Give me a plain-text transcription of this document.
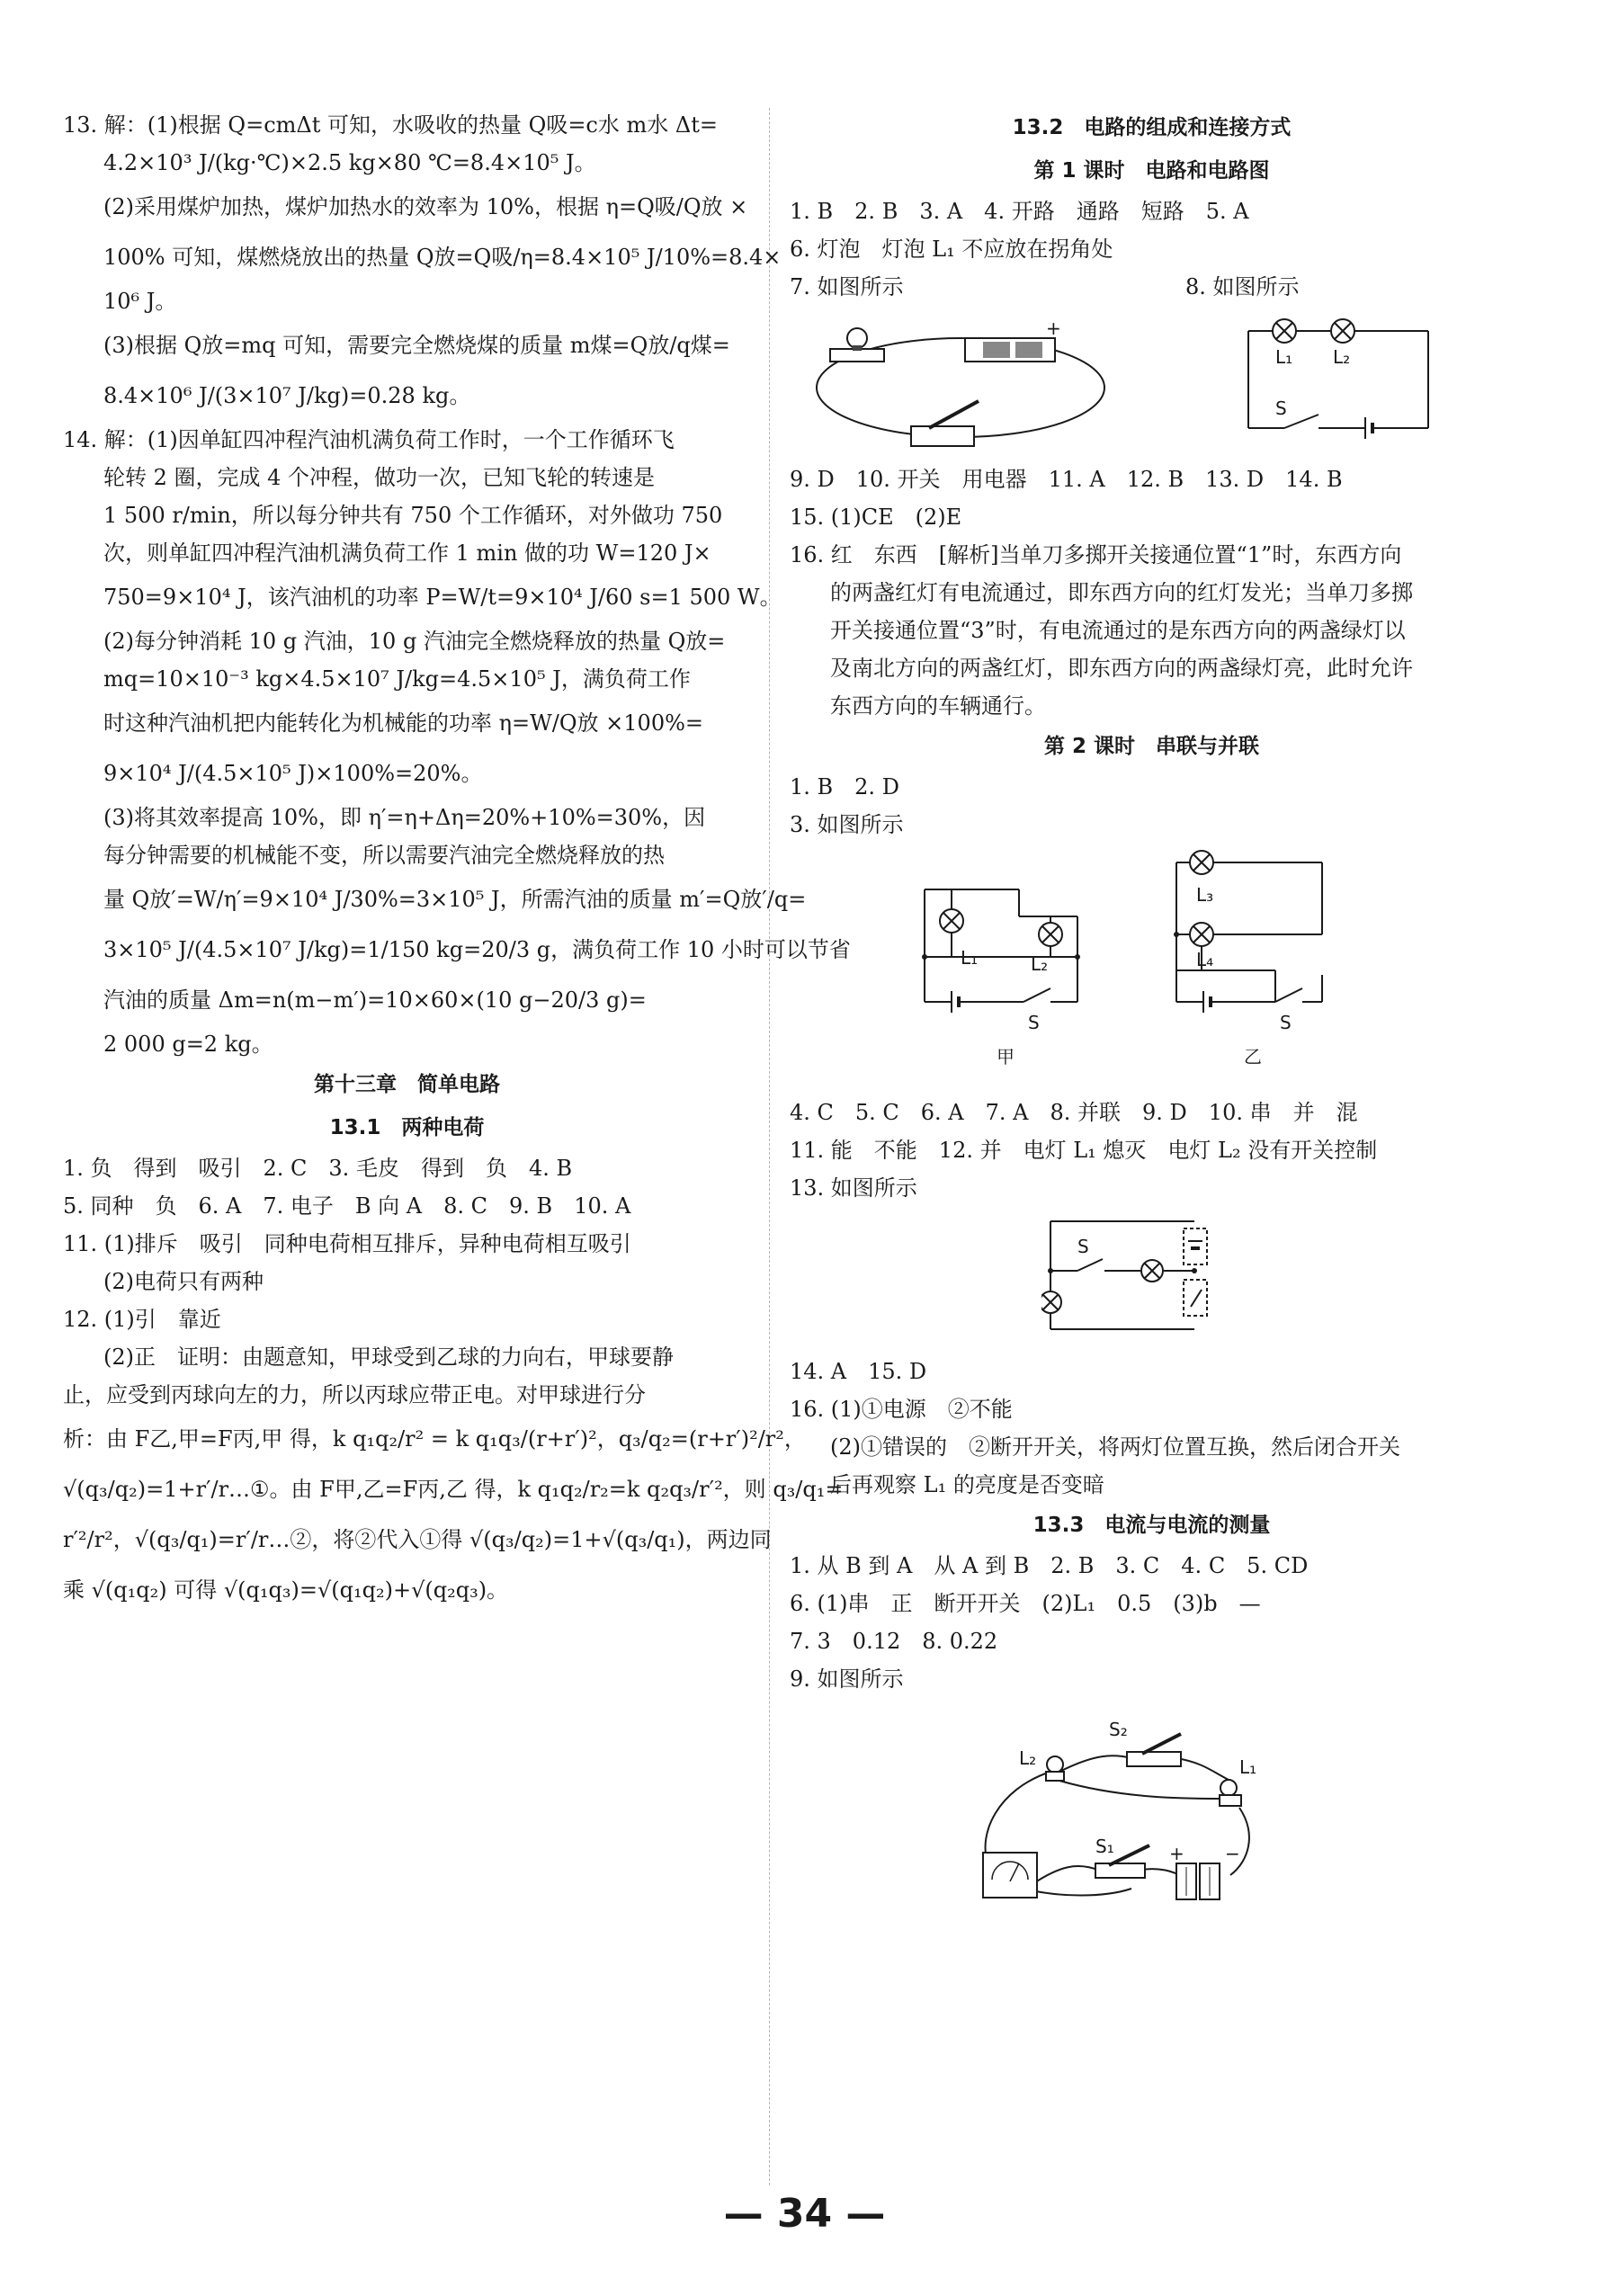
13. 解：(1)根据 Q=cmΔt 可知，水吸收的热量 Q吸=c水 m水 Δt=
4.2×10³ J/(kg·℃)×2.5 kg×80 ℃=8.4×10⁵ J。
(2)采用煤炉加热，煤炉加热水的效率为 10%，根据 η=Q吸/Q放 ×
100% 可知，煤燃烧放出的热量 Q放=Q吸/η=8.4×10⁵ J/10%=8.4×
10⁶ J。
(3)根据 Q放=mq 可知，需要完全燃烧煤的质量 m煤=Q放/q煤=
8.4×10⁶ J/(3×10⁷ J/kg)=0.28 kg。
14. 解：(1)因单缸四冲程汽油机满负荷工作时，一个工作循环飞
轮转 2 圈，完成 4 个冲程，做功一次，已知飞轮的转速是
1 500 r/min，所以每分钟共有 750 个工作循环，对外做功 750
次，则单缸四冲程汽油机满负荷工作 1 min 做的功 W=120 J×
750=9×10⁴ J，该汽油机的功率 P=W/t=9×10⁴ J/60 s=1 500 W。
(2)每分钟消耗 10 g 汽油，10 g 汽油完全燃烧释放的热量 Q放=
mq=10×10⁻³ kg×4.5×10⁷ J/kg=4.5×10⁵ J，满负荷工作
时这种汽油机把内能转化为机械能的功率 η=W/Q放 ×100%=
9×10⁴ J/(4.5×10⁵ J)×100%=20%。
(3)将其效率提高 10%，即 η′=η+Δη=20%+10%=30%，因
每分钟需要的机械能不变，所以需要汽油完全燃烧释放的热
量 Q放′=W/η′=9×10⁴ J/30%=3×10⁵ J，所需汽油的质量 m′=Q放′/q=
3×10⁵ J/(4.5×10⁷ J/kg)=1/150 kg=20/3 g，满负荷工作 10 小时可以节省
汽油的质量 Δm=n(m−m′)=10×60×(10 g−20/3 g)=
2 000 g=2 kg。
第十三章　简单电路
13.1　两种电荷
1. 负　得到　吸引　2. C　3. 毛皮　得到　负　4. B
5. 同种　负　6. A　7. 电子　B 向 A　8. C　9. B　10. A
11. (1)排斥　吸引　同种电荷相互排斥，异种电荷相互吸引
(2)电荷只有两种
12. (1)引　靠近
(2)正　证明：由题意知，甲球受到乙球的力向右，甲球要静
止，应受到丙球向左的力，所以丙球应带正电。对甲球进行分
析：由 F乙,甲=F丙,甲 得，k q₁q₂/r² = k q₁q₃/(r+r′)²，q₃/q₂=(r+r′)²/r²，
√(q₃/q₂)=1+r′/r…①。由 F甲,乙=F丙,乙 得，k q₁q₂/r₂=k q₂q₃/r′²，则 q₃/q₁=
r′²/r²，√(q₃/q₁)=r′/r…②，将②代入①得 √(q₃/q₂)=1+√(q₃/q₁)，两边同
乘 √(q₁q₂) 可得 √(q₁q₃)=√(q₁q₂)+√(q₂q₃)。
13.2　电路的组成和连接方式
第 1 课时　电路和电路图
1. B　2. B　3. A　4. 开路　通路　短路　5. A
6. 灯泡　灯泡 L₁ 不应放在拐角处
7. 如图所示	8. 如图所示
+
L₁ L₂
S
9. D　10. 开关　用电器　11. A　12. B　13. D　14. B
15. (1)CE　(2)E
16. 红　东西　[解析]当单刀多掷开关接通位置“1”时，东西方向
的两盏红灯有电流通过，即东西方向的红灯发光；当单刀多掷
开关接通位置“3”时，有电流通过的是东西方向的两盏绿灯以
及南北方向的两盏红灯，即东西方向的两盏绿灯亮，此时允许
东西方向的车辆通行。
第 2 课时　串联与并联
1. B　2. D
3. 如图所示
L₁	L₂
S
甲
L₃
L₄
S
乙
4. C　5. C　6. A　7. A　8. 并联　9. D　10. 串　并　混
11. 能　不能　12. 并　电灯 L₁ 熄灭　电灯 L₂ 没有开关控制
13. 如图所示
S
14. A　15. D
16. (1)①电源　②不能
(2)①错误的　②断开开关，将两灯位置互换，然后闭合开关
后再观察 L₁ 的亮度是否变暗
13.3　电流与电流的测量
1. 从 B 到 A　从 A 到 B　2. B　3. C　4. C　5. CD
6. (1)串　正　断开开关　(2)L₁　0.5　(3)b　—
7. 3　0.12　8. 0.22
9. 如图所示
S₂
L₂	L₁
S₁	+ −
— 34 —
